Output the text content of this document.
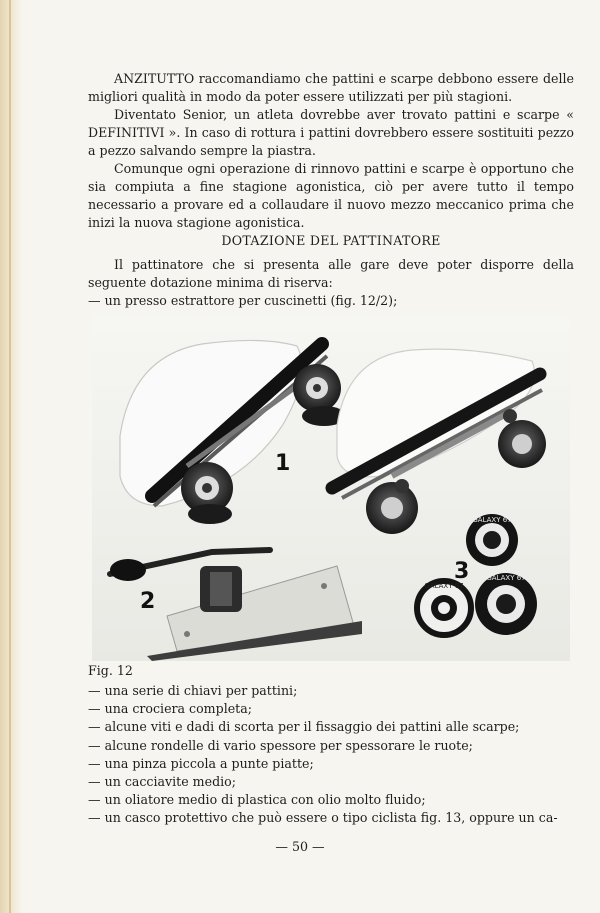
ANZITUTTO raccomandiamo che pattini e scarpe debbono essere delle migliori qualità in modo da poter essere utilizzati per più stagioni.

Diventato Senior, un atleta dovrebbe aver trovato pattini e scarpe « DEFINITIVI ». In caso di rottura i pattini dovrebbero essere sostituiti pezzo a pezzo salvando sempre la piastra.

Comunque ogni operazione di rinnovo pattini e scarpe è opportuno che sia compiuta a fine stagione agonistica, ciò per avere tutto il tempo necessario a provare ed a collaudare il nuovo mezzo meccanico prima che inizi la nuova stagione agonistica.

DOTAZIONE DEL PATTINATORE

Il pattinatore che si presenta alle gare deve poter disporre della seguente dotazione minima di riserva:

— un presso estrattore per cuscinetti (fig. 12/2);

1
GALAXY 67
GALAXY 67
GALAXY 67
3
2
Fig. 12
— una serie di chiavi per pattini;
— una crociera completa;
— alcune viti e dadi di scorta per il fissaggio dei pattini alle scarpe;
— alcune rondelle di vario spessore per spessorare le ruote;
— una pinza piccola a punte piatte;
— un cacciavite medio;
— un oliatore medio di plastica con olio molto fluido;
— un casco protettivo che può essere o tipo ciclista fig. 13, oppure un ca-
— 50 —
